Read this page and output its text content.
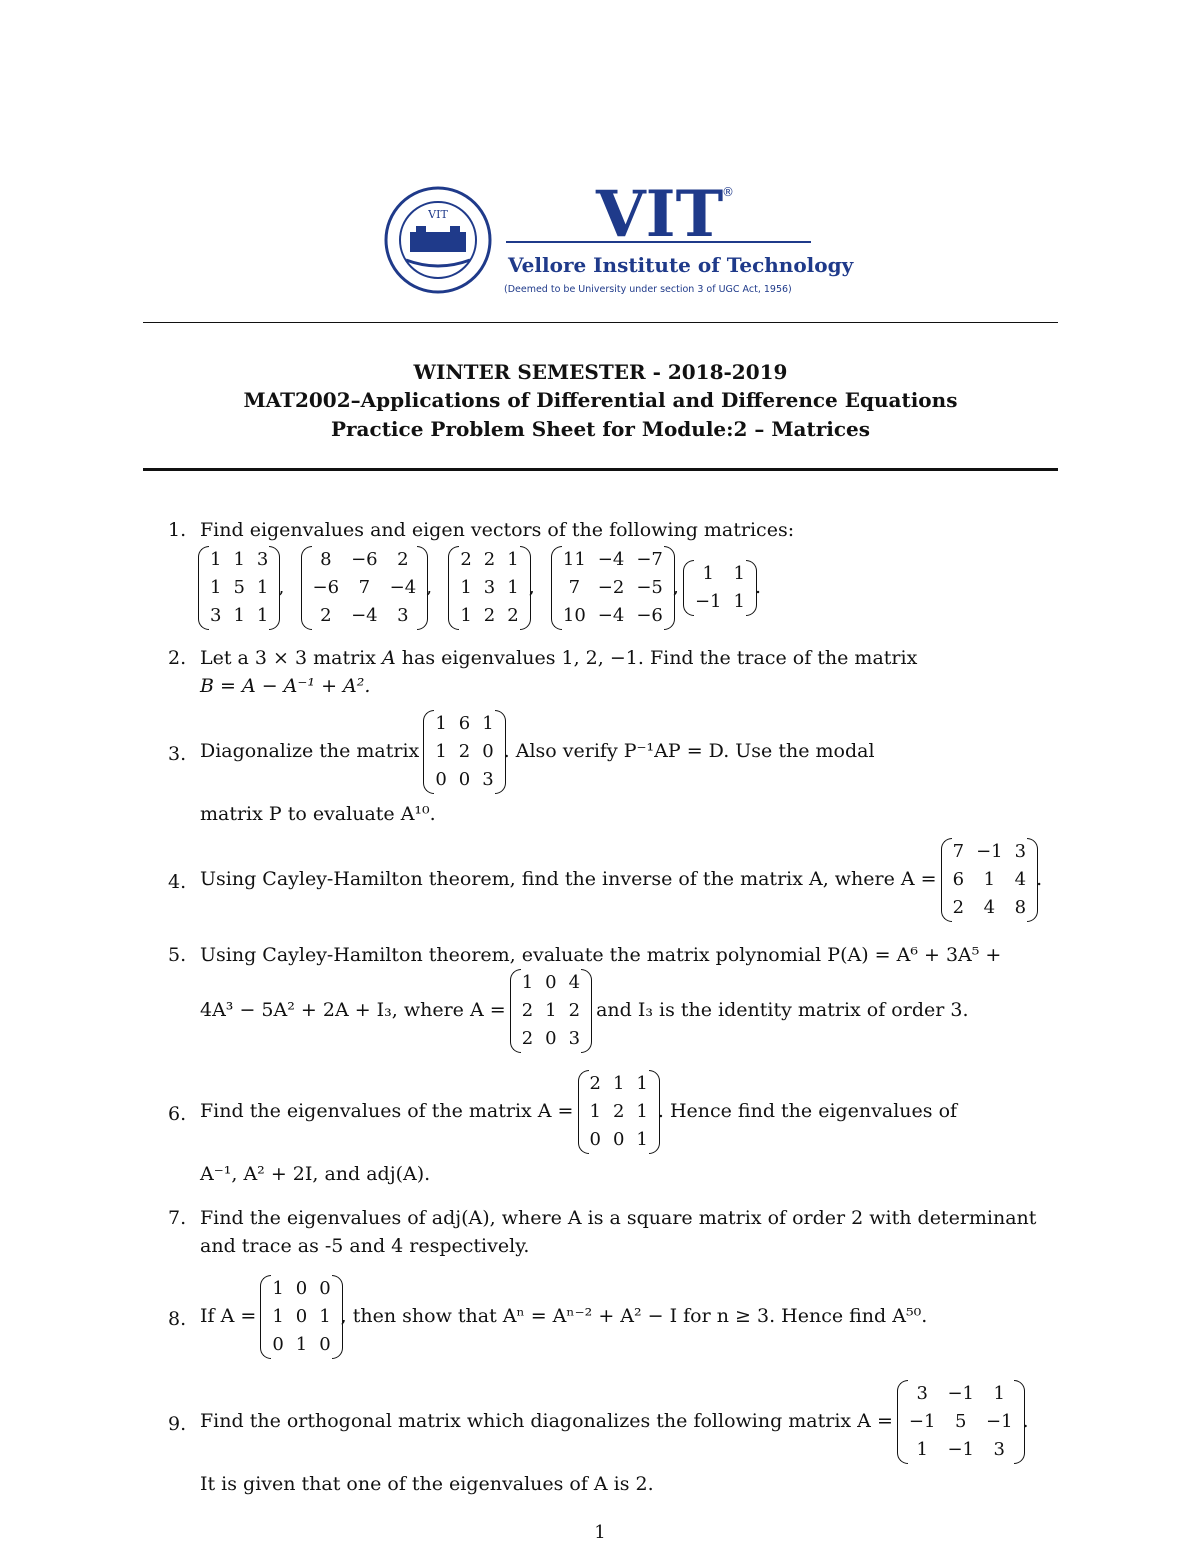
VIT VIT
®
Vellore Institute of Technology
(Deemed to be University under section 3 of UGC Act, 1956)
WINTER SEMESTER - 2018-2019
MAT2002–Applications of Differential and Difference Equations
Practice Problem Sheet for Module:2 – Matrices
1. Find eigenvalues and eigen vectors of the following matrices:
1	1	3
1	5	1
3	1	1
,
8	−6	2
−6	7	−4
2	−4	3
,
2	2	1
1	3	1
1	2	2
,
11	−4	−7
7	−2	−5
10	−4	−6
,
1	1
−1	1
.
2. Let a 3 × 3 matrix A has eigenvalues 1, 2, −1. Find the trace of the matrix
B = A − A⁻¹ + A².
3. Diagonalize the matrix
1	6	1
1	2	0
0	0	3
. Also verify P⁻¹AP = D. Use the modal
matrix P to evaluate A¹⁰.
4. Using Cayley-Hamilton theorem, find the inverse of the matrix A, where A =
7	−1	3
6	1	4
2	4	8
.
5. Using Cayley-Hamilton theorem, evaluate the matrix polynomial P(A) = A⁶ + 3A⁵ +
4A³ − 5A² + 2A + I₃, where A =
1	0	4
2	1	2
2	0	3
and I₃ is the identity matrix of order 3.
6. Find the eigenvalues of the matrix A =
2	1	1
1	2	1
0	0	1
. Hence find the eigenvalues of
A⁻¹, A² + 2I, and adj(A).
7. Find the eigenvalues of adj(A), where A is a square matrix of order 2 with determinant
and trace as -5 and 4 respectively.
8. If A =
1	0	0
1	0	1
0	1	0
, then show that Aⁿ = Aⁿ⁻² + A² − I for n ≥ 3. Hence find A⁵⁰.
9. Find the orthogonal matrix which diagonalizes the following matrix A =
3	−1	1
−1	5	−1
1	−1	3
.
It is given that one of the eigenvalues of A is 2.
1
